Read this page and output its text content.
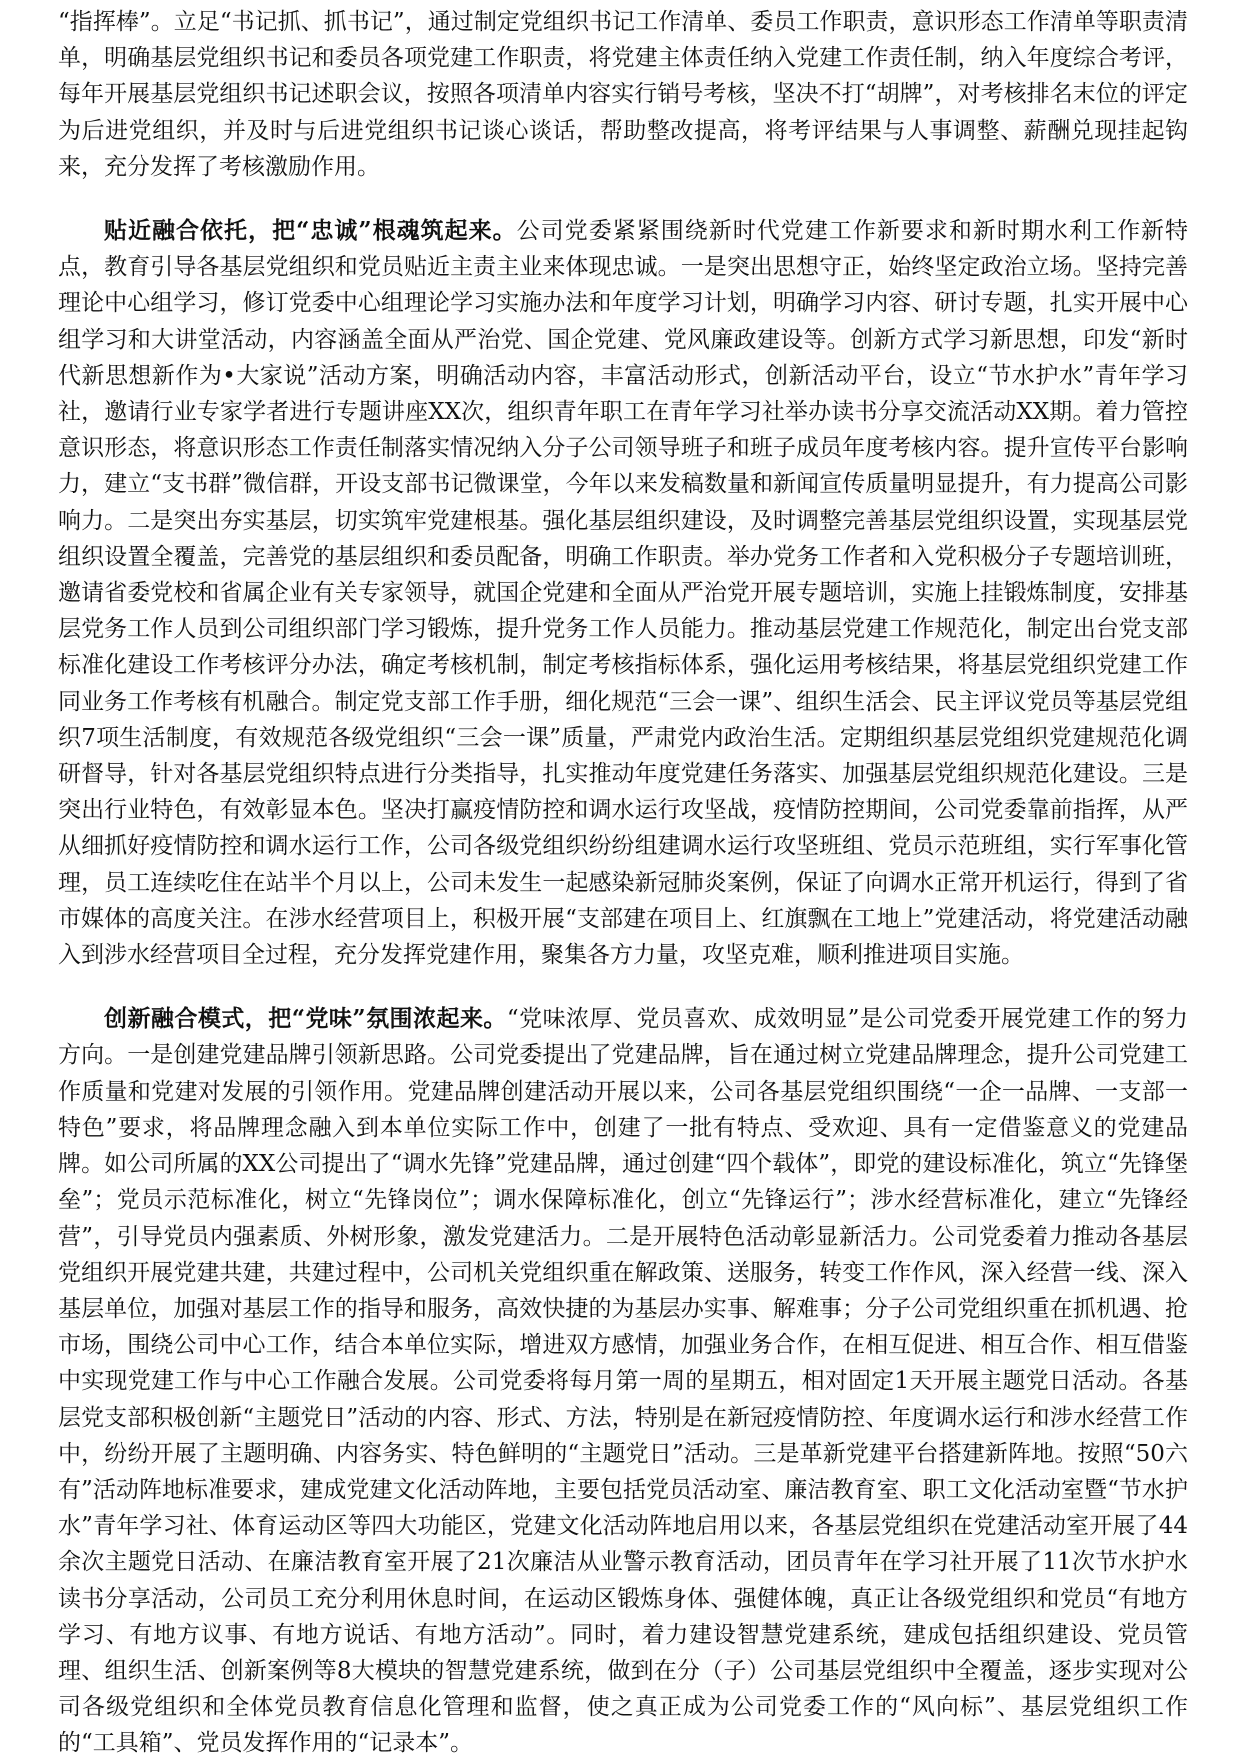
“指挥棒”。立足“书记抓、抓书记”，通过制定党组织书记工作清单、委员工作职责，意识形态工作清单等职责清单，明确基层党组织书记和委员各项党建工作职责，将党建主体责任纳入党建工作责任制，纳入年度综合考评，每年开展基层党组织书记述职会议，按照各项清单内容实行销号考核，坚决不打“胡牌”，对考核排名末位的评定为后进党组织，并及时与后进党组织书记谈心谈话，帮助整改提高，将考评结果与人事调整、薪酬兑现挂起钩来，充分发挥了考核激励作用。

贴近融合依托，把“忠诚”根魂筑起来。公司党委紧紧围绕新时代党建工作新要求和新时期水利工作新特点，教育引导各基层党组织和党员贴近主责主业来体现忠诚。一是突出思想守正，始终坚定政治立场。坚持完善理论中心组学习，修订党委中心组理论学习实施办法和年度学习计划，明确学习内容、研讨专题，扎实开展中心组学习和大讲堂活动，内容涵盖全面从严治党、国企党建、党风廉政建设等。创新方式学习新思想，印发“新时代新思想新作为•大家说”活动方案，明确活动内容，丰富活动形式，创新活动平台，设立“节水护水”青年学习社，邀请行业专家学者进行专题讲座XX次，组织青年职工在青年学习社举办读书分享交流活动XX期。着力管控意识形态，将意识形态工作责任制落实情况纳入分子公司领导班子和班子成员年度考核内容。提升宣传平台影响力，建立“支书群”微信群，开设支部书记微课堂，今年以来发稿数量和新闻宣传质量明显提升，有力提高公司影响力。二是突出夯实基层，切实筑牢党建根基。强化基层组织建设，及时调整完善基层党组织设置，实现基层党组织设置全覆盖，完善党的基层组织和委员配备，明确工作职责。举办党务工作者和入党积极分子专题培训班，邀请省委党校和省属企业有关专家领导，就国企党建和全面从严治党开展专题培训，实施上挂锻炼制度，安排基层党务工作人员到公司组织部门学习锻炼，提升党务工作人员能力。推动基层党建工作规范化，制定出台党支部标准化建设工作考核评分办法，确定考核机制，制定考核指标体系，强化运用考核结果，将基层党组织党建工作同业务工作考核有机融合。制定党支部工作手册，细化规范“三会一课”、组织生活会、民主评议党员等基层党组织7项生活制度，有效规范各级党组织“三会一课”质量，严肃党内政治生活。定期组织基层党组织党建规范化调研督导，针对各基层党组织特点进行分类指导，扎实推动年度党建任务落实、加强基层党组织规范化建设。三是突出行业特色，有效彰显本色。坚决打赢疫情防控和调水运行攻坚战，疫情防控期间，公司党委靠前指挥，从严从细抓好疫情防控和调水运行工作，公司各级党组织纷纷组建调水运行攻坚班组、党员示范班组，实行军事化管理，员工连续吃住在站半个月以上，公司未发生一起感染新冠肺炎案例，保证了向调水正常开机运行，得到了省市媒体的高度关注。在涉水经营项目上，积极开展“支部建在项目上、红旗飘在工地上”党建活动，将党建活动融入到涉水经营项目全过程，充分发挥党建作用，聚集各方力量，攻坚克难，顺利推进项目实施。

创新融合模式，把“党味”氛围浓起来。“党味浓厚、党员喜欢、成效明显”是公司党委开展党建工作的努力方向。一是创建党建品牌引领新思路。公司党委提出了党建品牌，旨在通过树立党建品牌理念，提升公司党建工作质量和党建对发展的引领作用。党建品牌创建活动开展以来，公司各基层党组织围绕“一企一品牌、一支部一特色”要求，将品牌理念融入到本单位实际工作中，创建了一批有特点、受欢迎、具有一定借鉴意义的党建品牌。如公司所属的XX公司提出了“调水先锋”党建品牌，通过创建“四个载体”，即党的建设标准化，筑立“先锋堡垒”；党员示范标准化，树立“先锋岗位”；调水保障标准化，创立“先锋运行”；涉水经营标准化，建立“先锋经营”，引导党员内强素质、外树形象，激发党建活力。二是开展特色活动彰显新活力。公司党委着力推动各基层党组织开展党建共建，共建过程中，公司机关党组织重在解政策、送服务，转变工作作风，深入经营一线、深入基层单位，加强对基层工作的指导和服务，高效快捷的为基层办实事、解难事；分子公司党组织重在抓机遇、抢市场，围绕公司中心工作，结合本单位实际，增进双方感情，加强业务合作，在相互促进、相互合作、相互借鉴中实现党建工作与中心工作融合发展。公司党委将每月第一周的星期五，相对固定1天开展主题党日活动。各基层党支部积极创新“主题党日”活动的内容、形式、方法，特别是在新冠疫情防控、年度调水运行和涉水经营工作中，纷纷开展了主题明确、内容务实、特色鲜明的“主题党日”活动。三是革新党建平台搭建新阵地。按照“50六有”活动阵地标准要求，建成党建文化活动阵地，主要包括党员活动室、廉洁教育室、职工文化活动室暨“节水护水”青年学习社、体育运动区等四大功能区，党建文化活动阵地启用以来，各基层党组织在党建活动室开展了44余次主题党日活动、在廉洁教育室开展了21次廉洁从业警示教育活动，团员青年在学习社开展了11次节水护水读书分享活动，公司员工充分利用休息时间，在运动区锻炼身体、强健体魄，真正让各级党组织和党员“有地方学习、有地方议事、有地方说话、有地方活动”。同时，着力建设智慧党建系统，建成包括组织建设、党员管理、组织生活、创新案例等8大模块的智慧党建系统，做到在分（子）公司基层党组织中全覆盖，逐步实现对公司各级党组织和全体党员教育信息化管理和监督，使之真正成为公司党委工作的“风向标”、基层党组织工作的“工具箱”、党员发挥作用的“记录本”。
